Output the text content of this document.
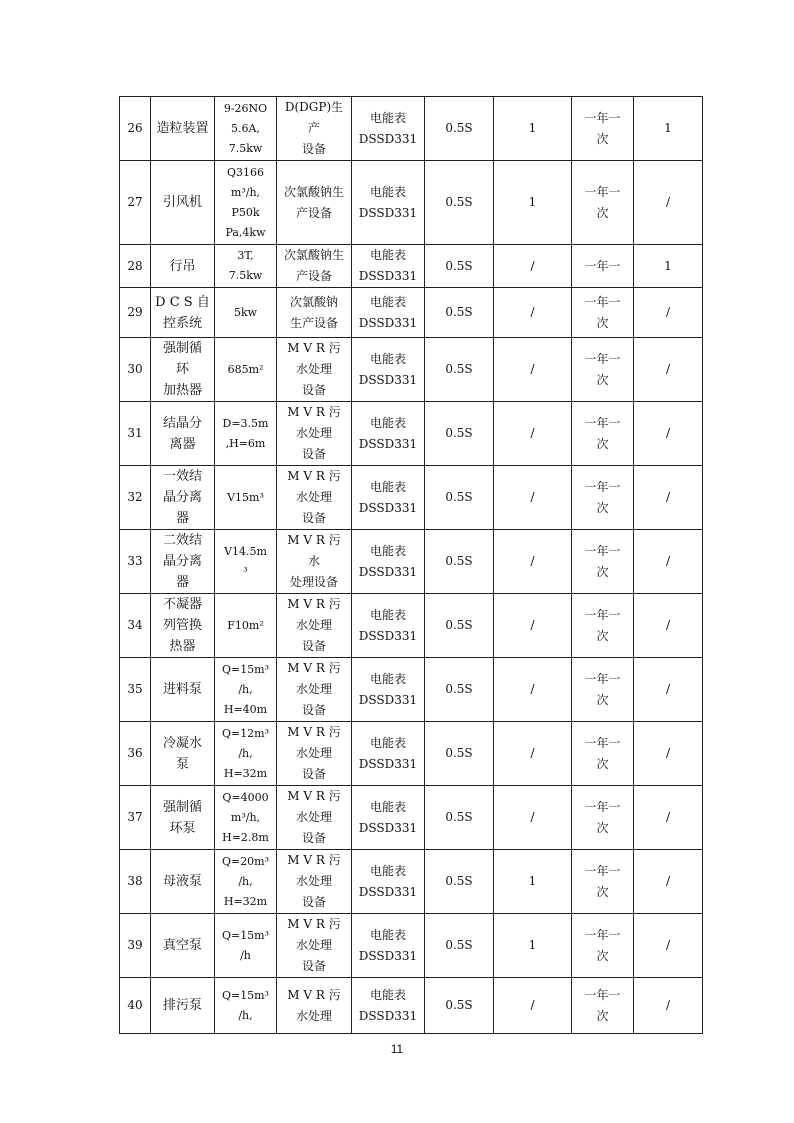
26	造粒装置	9-26NO
5.6A,
7.5kw	D(DGP)生产
设备	电能表
DSSD331	0.5S	1	一年一
次	1
27	引风机	Q3166
m³/h,
P50k
Pa,4kw	次氯酸钠生
产设备	电能表
DSSD331	0.5S	1	一年一
次	/
28	行吊	3T,
7.5kw	次氯酸钠生
产设备	电能表
DSSD331	0.5S	/	一年一	1
29	D C S 自
控系统	5kw	次氯酸钠
生产设备	电能表
DSSD331	0.5S	/	一年一
次	/
30	强制循
环
加热器	685m²	M V R 污
水处理
设备	电能表
DSSD331	0.5S	/	一年一
次	/
31	结晶分
离器	D=3.5m
,H=6m	M V R 污
水处理
设备	电能表
DSSD331	0.5S	/	一年一
次	/
32	一效结
晶分离
器	V15m³	M V R 污
水处理
设备	电能表
DSSD331	0.5S	/	一年一
次	/
33	二效结
晶分离
器	V14.5m
³	M V R 污
水
处理设备	电能表
DSSD331	0.5S	/	一年一
次	/
34	不凝器
列管换
热器	F10m²	M V R 污
水处理
设备	电能表
DSSD331	0.5S	/	一年一
次	/
35	进料泵	Q=15m³
/h,
H=40m	M V R 污
水处理
设备	电能表
DSSD331	0.5S	/	一年一
次	/
36	冷凝水
泵	Q=12m³
/h,
H=32m	M V R 污
水处理
设备	电能表
DSSD331	0.5S	/	一年一
次	/
37	强制循
环泵	Q=4000
m³/h,
H=2.8m	M V R 污
水处理
设备	电能表
DSSD331	0.5S	/	一年一
次	/
38	母液泵	Q=20m³
/h,
H=32m	M V R 污
水处理
设备	电能表
DSSD331	0.5S	1	一年一
次	/
39	真空泵	Q=15m³
/h	M V R 污
水处理
设备	电能表
DSSD331	0.5S	1	一年一
次	/
40	排污泵	Q=15m³
/h,	M V R 污
水处理	电能表
DSSD331	0.5S	/	一年一
次	/
11
